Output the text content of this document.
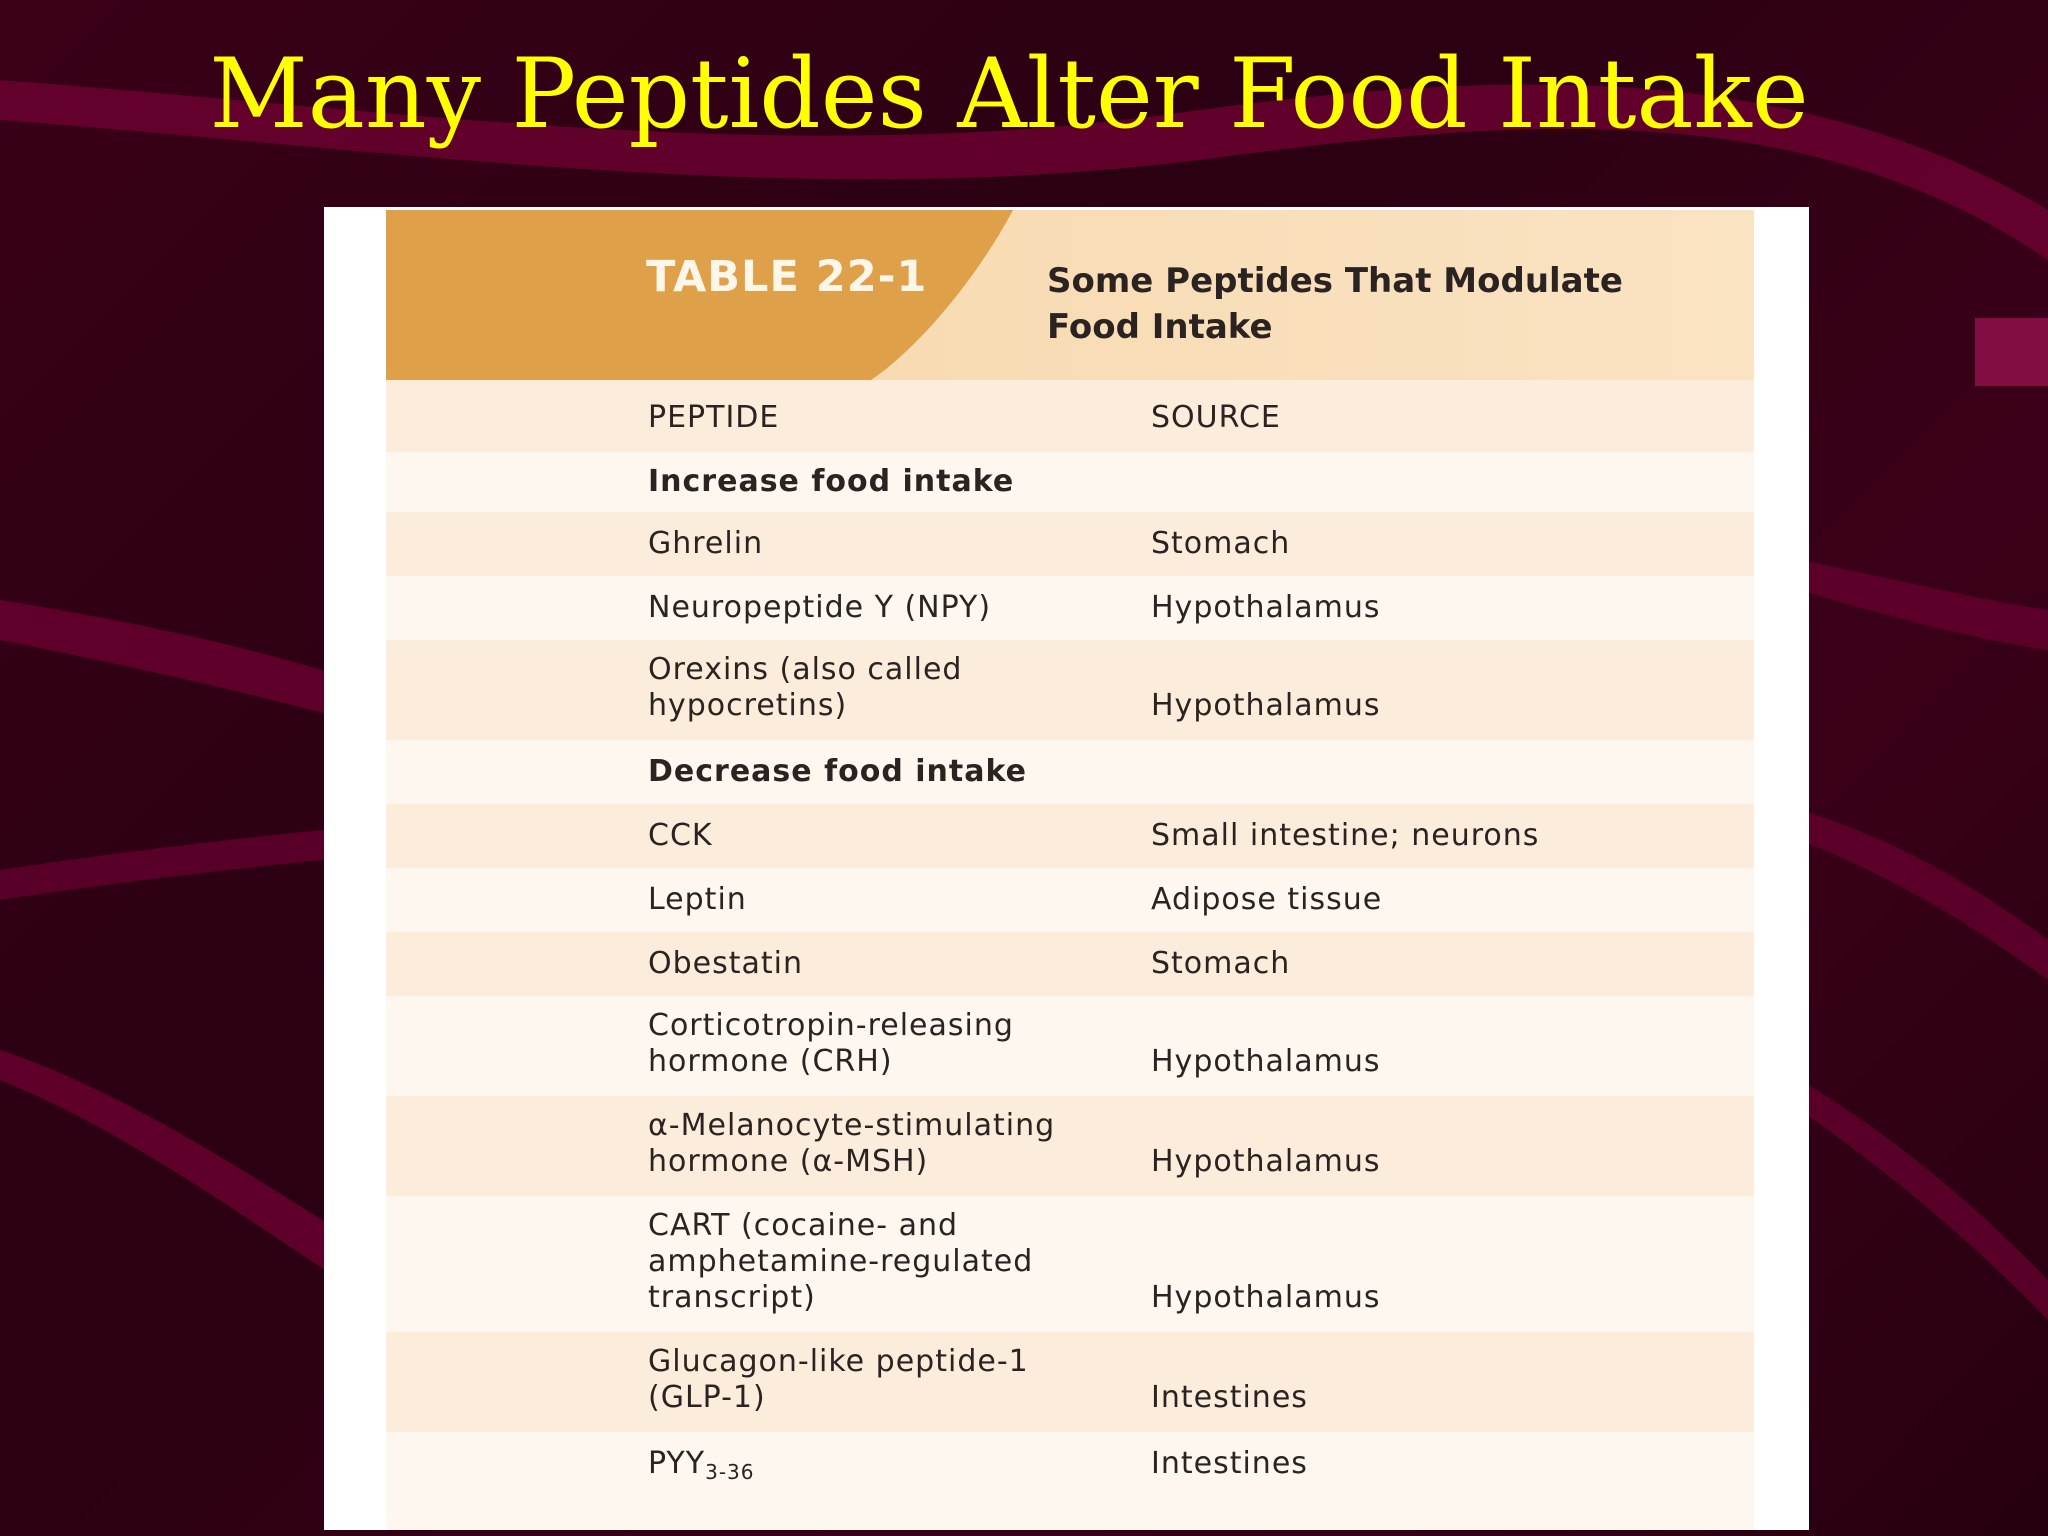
Many Peptides Alter Food Intake
TABLE 22-1	Some Peptides That Modulate
Food Intake
PEPTIDE	SOURCE
Increase food intake
Ghrelin	Stomach
Neuropeptide Y (NPY)	Hypothalamus
Orexins (also called
hypocretins)	Hypothalamus
Decrease food intake
CCK	Small intestine; neurons
Leptin	Adipose tissue
Obestatin	Stomach
Corticotropin-releasing
hormone (CRH)	Hypothalamus
α-Melanocyte-stimulating
hormone (α-MSH)	Hypothalamus
CART (cocaine- and
amphetamine-regulated
transcript)	Hypothalamus
Glucagon-like peptide-1
(GLP-1)	Intestines
$PYY_{3-36}$	Intestines
